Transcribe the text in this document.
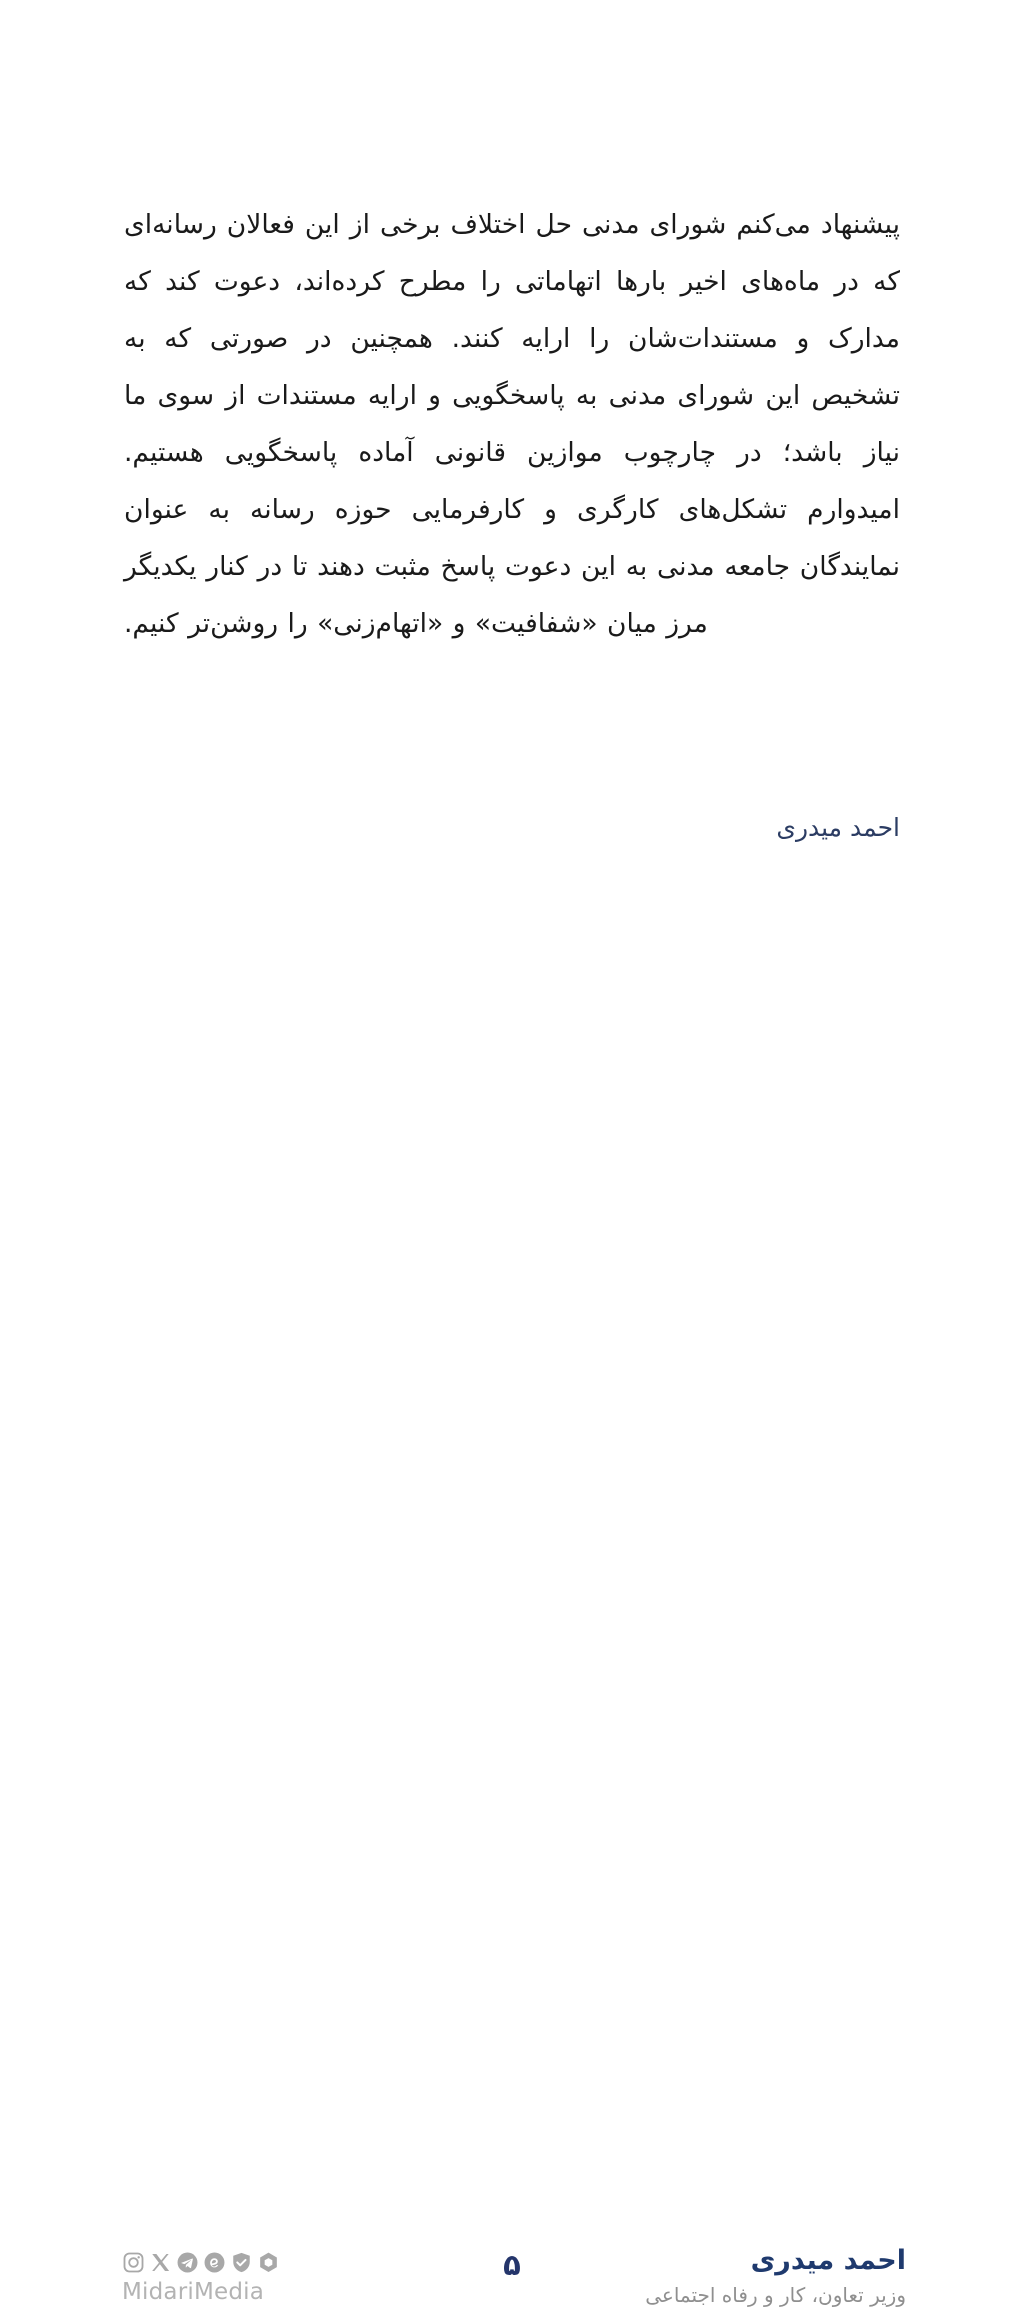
پیشنهاد می‌کنم شورای مدنی حل اختلاف برخی از این فعالان رسانه‌ای که در ماه‌های اخیر بارها اتهاماتی را مطرح کرده‌اند، دعوت کند که مدارک و مستندات‌شان را ارایه کنند. همچنین در صورتی که به تشخیص این شورای مدنی به پاسخگویی و ارایه مستندات از سوی ما نیاز باشد؛ در چارچوب موازین قانونی آماده پاسخگویی هستیم. امیدوارم تشکل‌های کارگری و کارفرمایی حوزه رسانه به عنوان نمایندگان جامعه مدنی به این دعوت پاسخ مثبت دهند تا در کنار یکدیگر مرز میان «شفافیت» و «اتهام‌زنی» را روشن‌تر کنیم.

احمد میدری

MidariMedia
۵	احمد میدری
وزیر تعاون، کار و رفاه اجتماعی
